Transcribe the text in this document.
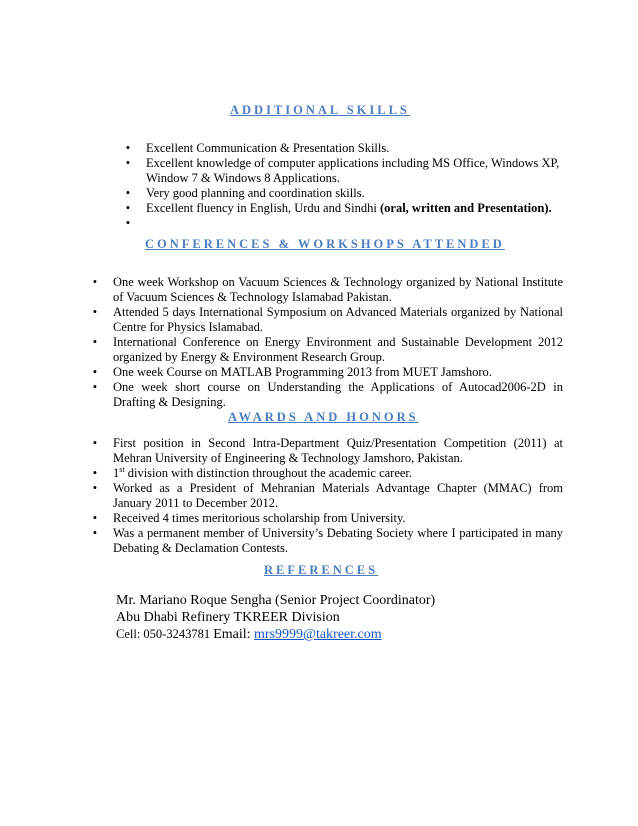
ADDITIONAL SKILLS
•	Excellent Communication & Presentation Skills.
•	Excellent knowledge of computer applications including MS Office, Windows XP, Window 7 & Windows 8 Applications.
•	Very good planning and coordination skills.
•	Excellent fluency in English, Urdu and Sindhi (oral, written and Presentation).
•
CONFERENCES & WORKSHOPS ATTENDED
•	One week Workshop on Vacuum Sciences & Technology organized by National Institute of Vacuum Sciences & Technology Islamabad Pakistan.
•	Attended 5 days International Symposium on Advanced Materials organized by National Centre for Physics Islamabad.
•	International Conference on Energy Environment and Sustainable Development 2012 organized by Energy & Environment Research Group.
•	One week Course on MATLAB Programming 2013 from MUET Jamshoro.
•	One week short course on Understanding the Applications of Autocad2006-2D in Drafting & Designing.
AWARDS AND HONORS
•	First position in Second Intra-Department Quiz/Presentation Competition (2011) at Mehran University of Engineering & Technology Jamshoro, Pakistan.
•	1st division with distinction throughout the academic career.
•	Worked as a President of Mehranian Materials Advantage Chapter (MMAC) from January 2011 to December 2012.
•	Received 4 times meritorious scholarship from University.
•	Was a permanent member of University’s Debating Society where I participated in many Debating & Declamation Contests.
REFERENCES
Mr. Mariano Roque Sengha (Senior Project Coordinator)
Abu Dhabi Refinery TKREER Division
Cell: 050-3243781 Email: mrs9999@takreer.com
